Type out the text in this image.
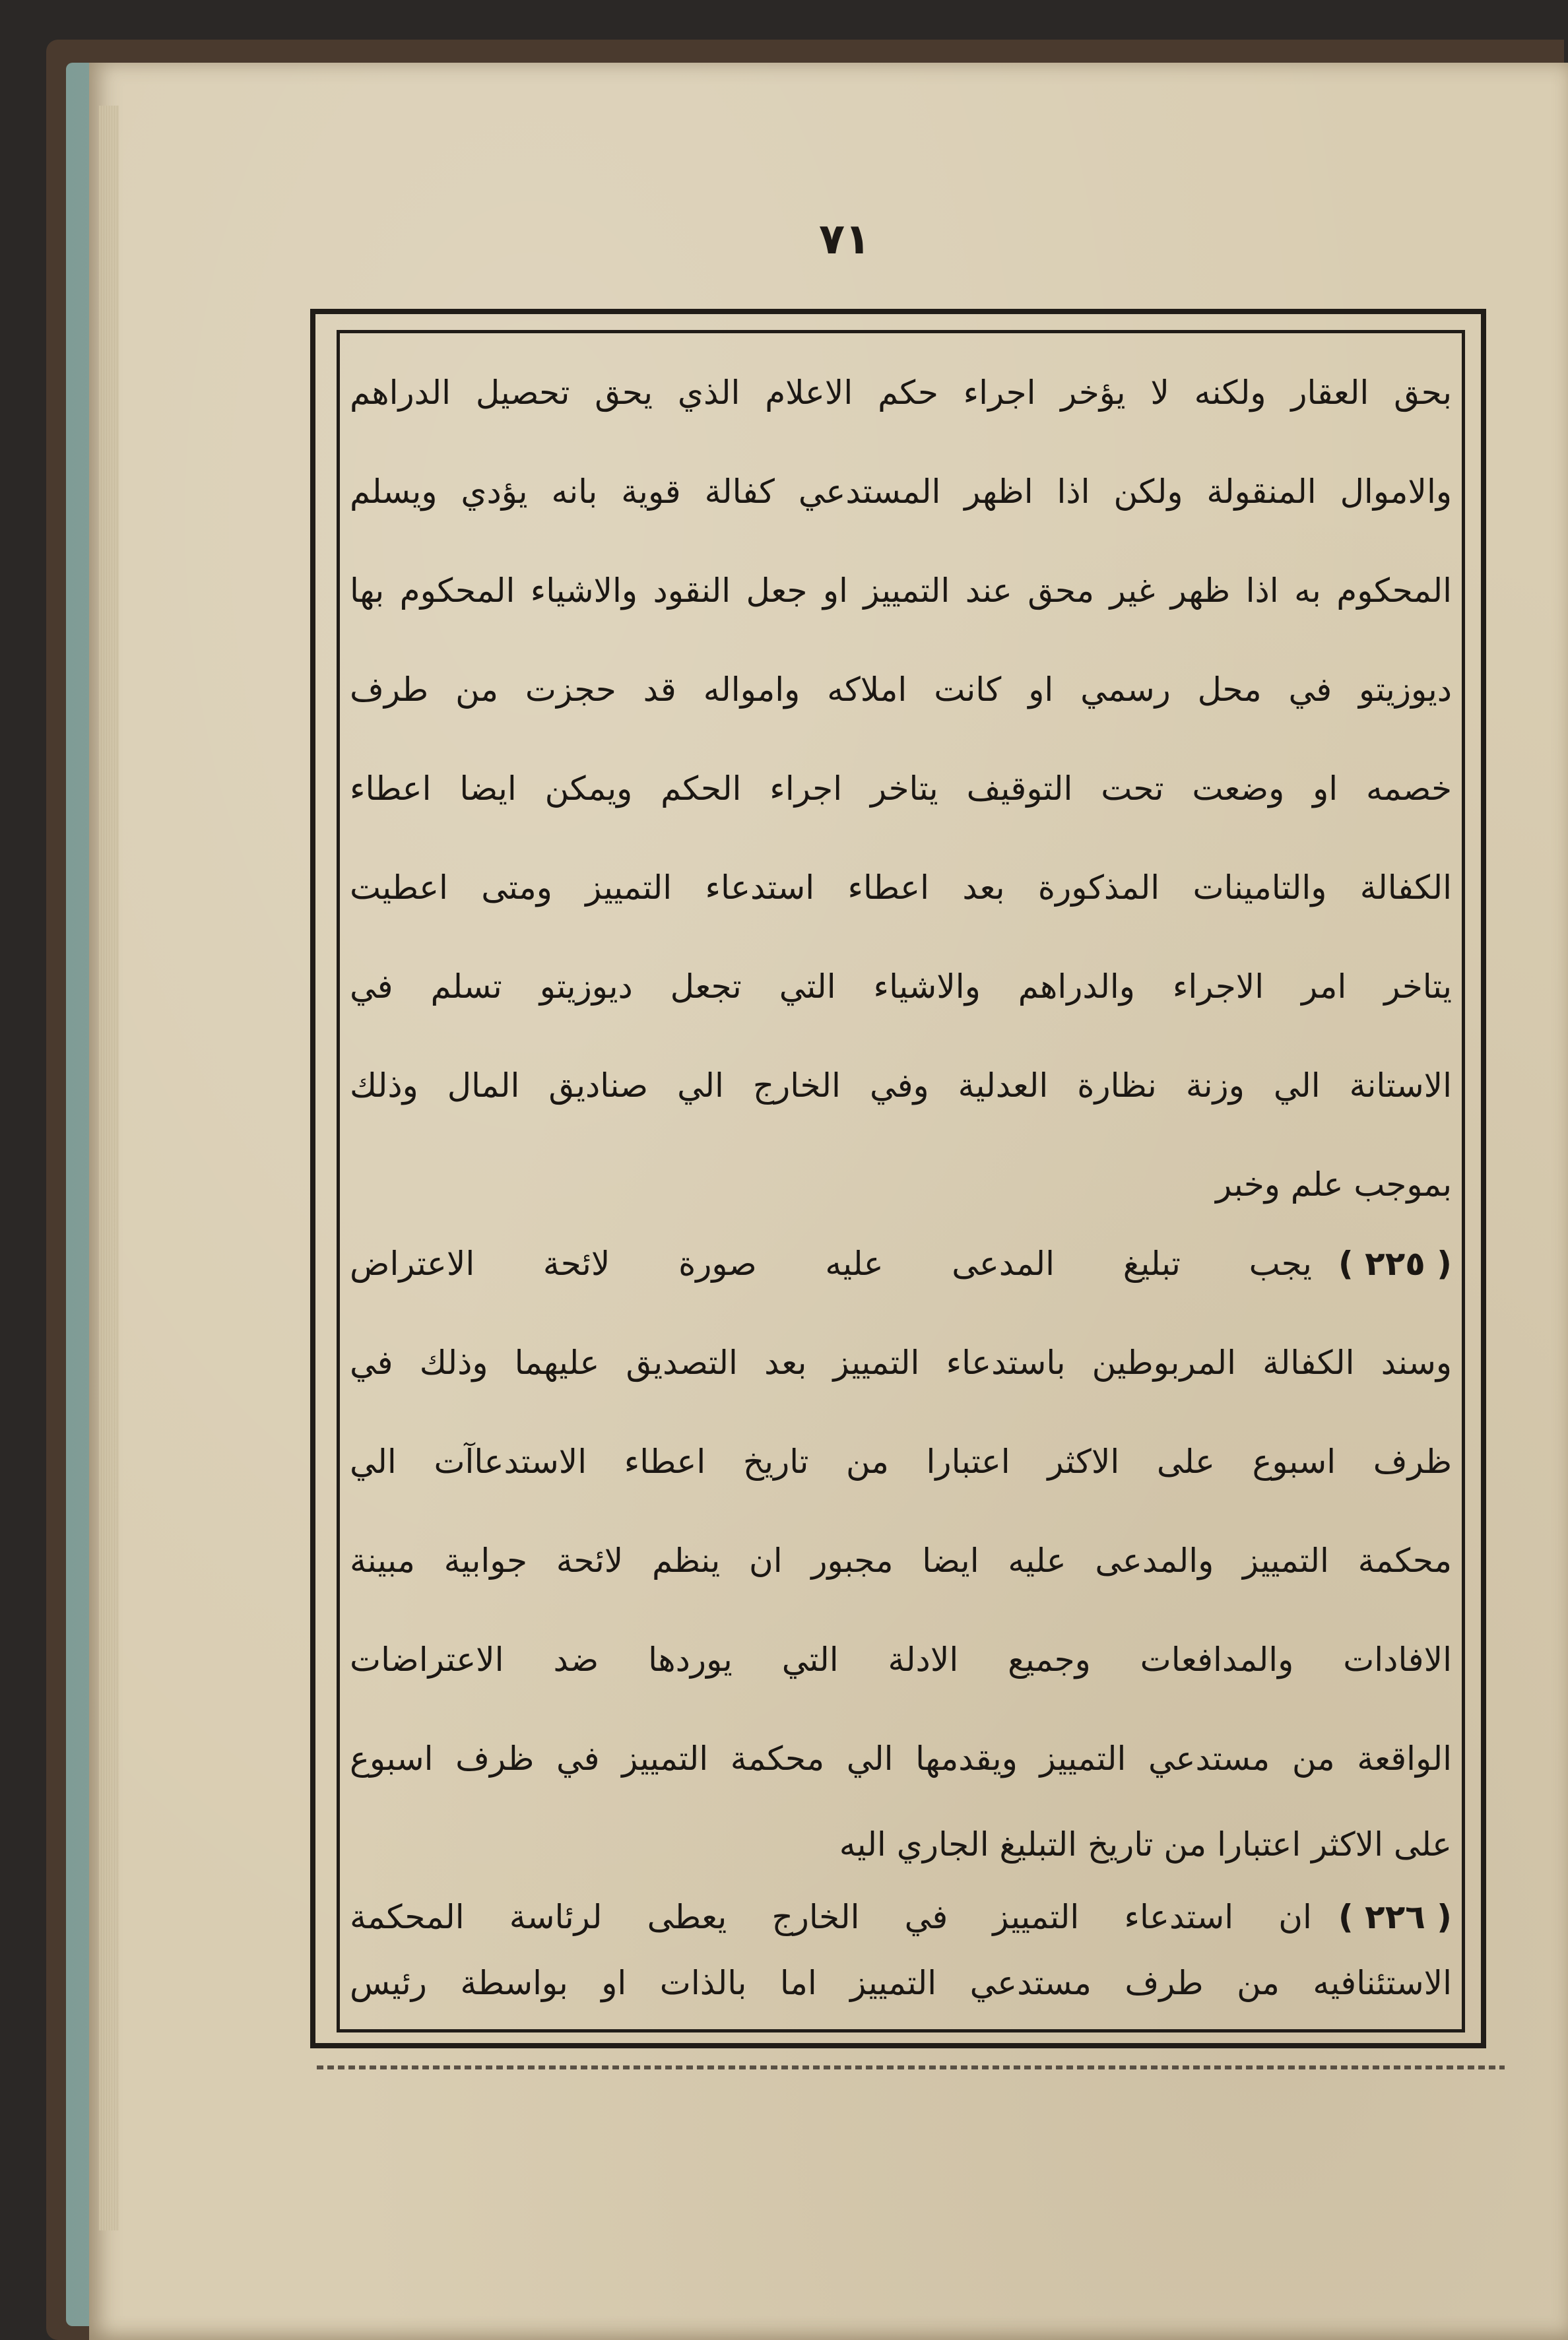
٧١
بحق العقار ولكنه لا يؤخر اجراء حكم الاعلام الذي يحق تحصيل الدراهم
والاموال المنقولة ولكن اذا اظهر المستدعي كفالة قوية بانه يؤدي ويسلم
المحكوم به اذا ظهر غير محق عند التمييز او جعل النقود والاشياء المحكوم بها
ديوزيتو في محل رسمي او كانت املاكه وامواله قد حجزت من طرف
خصمه او وضعت تحت التوقيف يتاخر اجراء الحكم ويمكن ايضا اعطاء
الكفالة والتامينات المذكورة بعد اعطاء استدعاء التمييز ومتى اعطيت
يتاخر امر الاجراء والدراهم والاشياء التي تجعل ديوزيتو تسلم في
الاستانة الي وزنة نظارة العدلية وفي الخارج الي صناديق المال وذلك
بموجب علم وخبر
( ٢٢٥ )
يجب تبليغ المدعى عليه صورة لائحة الاعتراض
وسند الكفالة المربوطين باستدعاء التمييز بعد التصديق عليهما وذلك في
ظرف اسبوع على الاكثر اعتبارا من تاريخ اعطاء الاستدعاآت الي
محكمة التمييز والمدعى عليه ايضا مجبور ان ينظم لائحة جوابية مبينة
الافادات والمدافعات وجميع الادلة التي يوردها ضد الاعتراضات
الواقعة من مستدعي التمييز ويقدمها الي محكمة التمييز في ظرف اسبوع
على الاكثر اعتبارا من تاريخ التبليغ الجاري اليه
( ٢٢٦ )
ان استدعاء التمييز في الخارج يعطى لرئاسة المحكمة
الاستئنافيه من طرف مستدعي التمييز اما بالذات او بواسطة رئيس
